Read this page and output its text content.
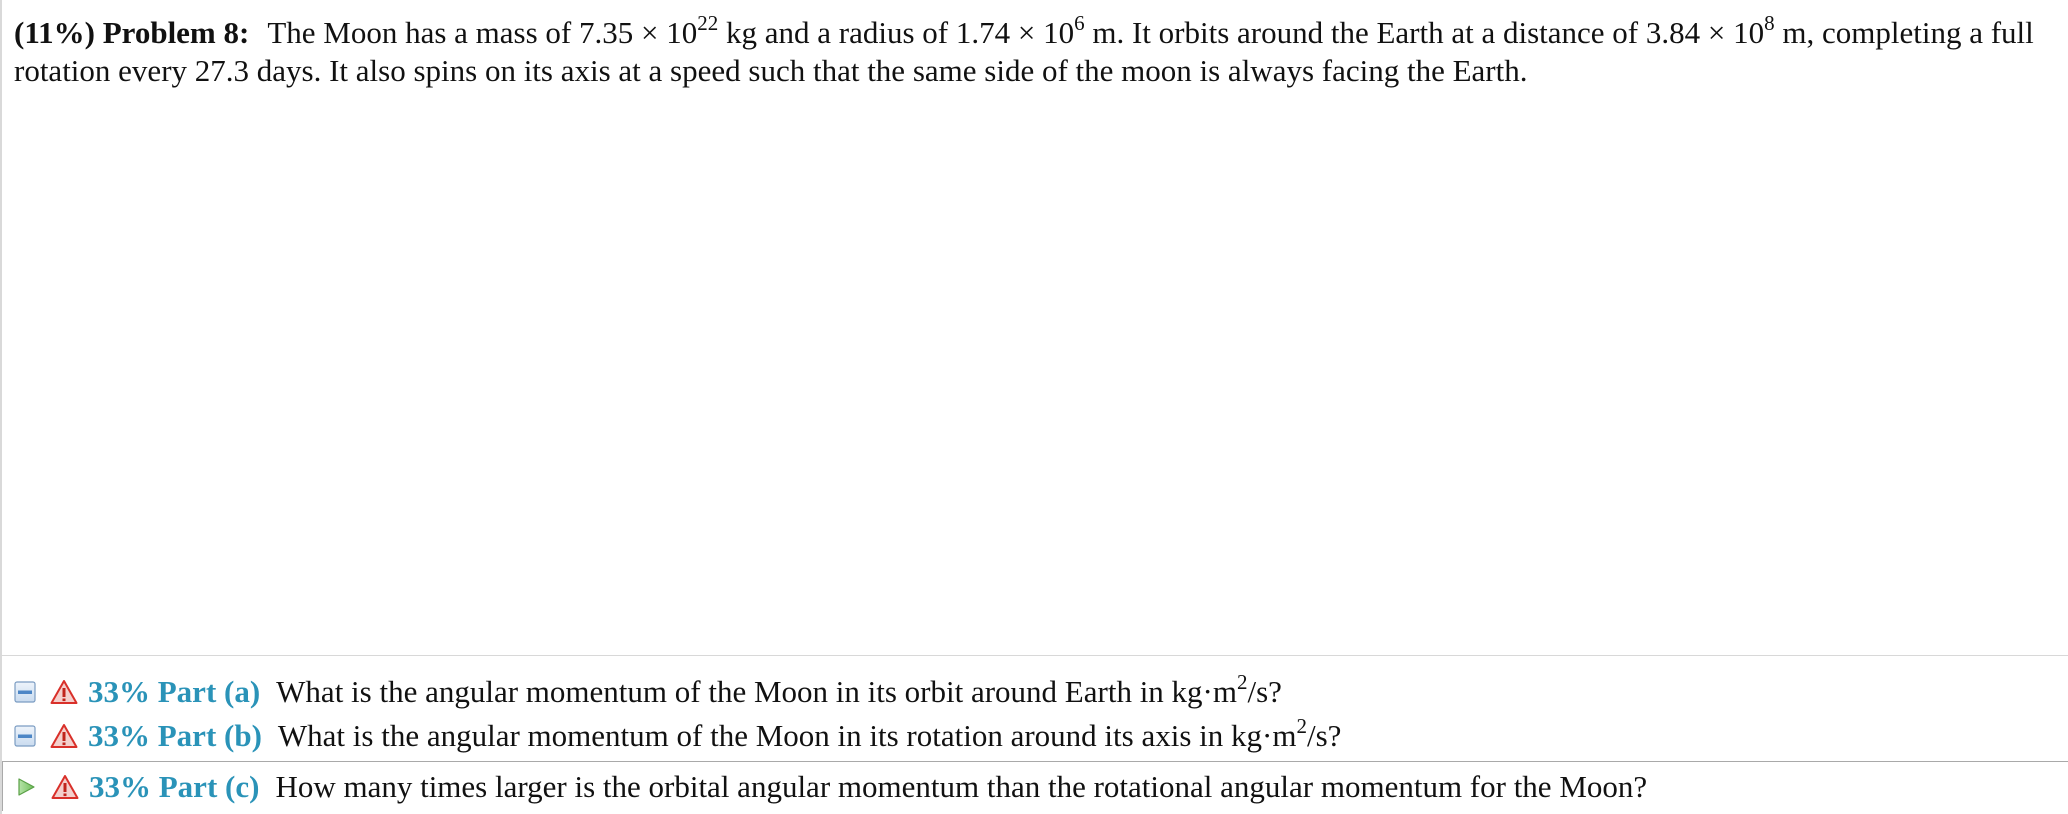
(11%) Problem 8: The Moon has a mass of $7.35 \times 10^{22}$ kg and a radius of $1.74 \times 10^6$ m. It orbits around the Earth at a distance of $3.84 \times 10^8$ m, completing a full rotation every 27.3 days. It also spins on its axis at a speed such that the same side of the moon is always facing the Earth.
33% Part (a) What is the angular momentum of the Moon in its orbit around Earth in $kg\cdot m^2/s$?
33% Part (b) What is the angular momentum of the Moon in its rotation around its axis in $kg\cdot m^2/s$?
33% Part (c) How many times larger is the orbital angular momentum than the rotational angular momentum for the Moon?
